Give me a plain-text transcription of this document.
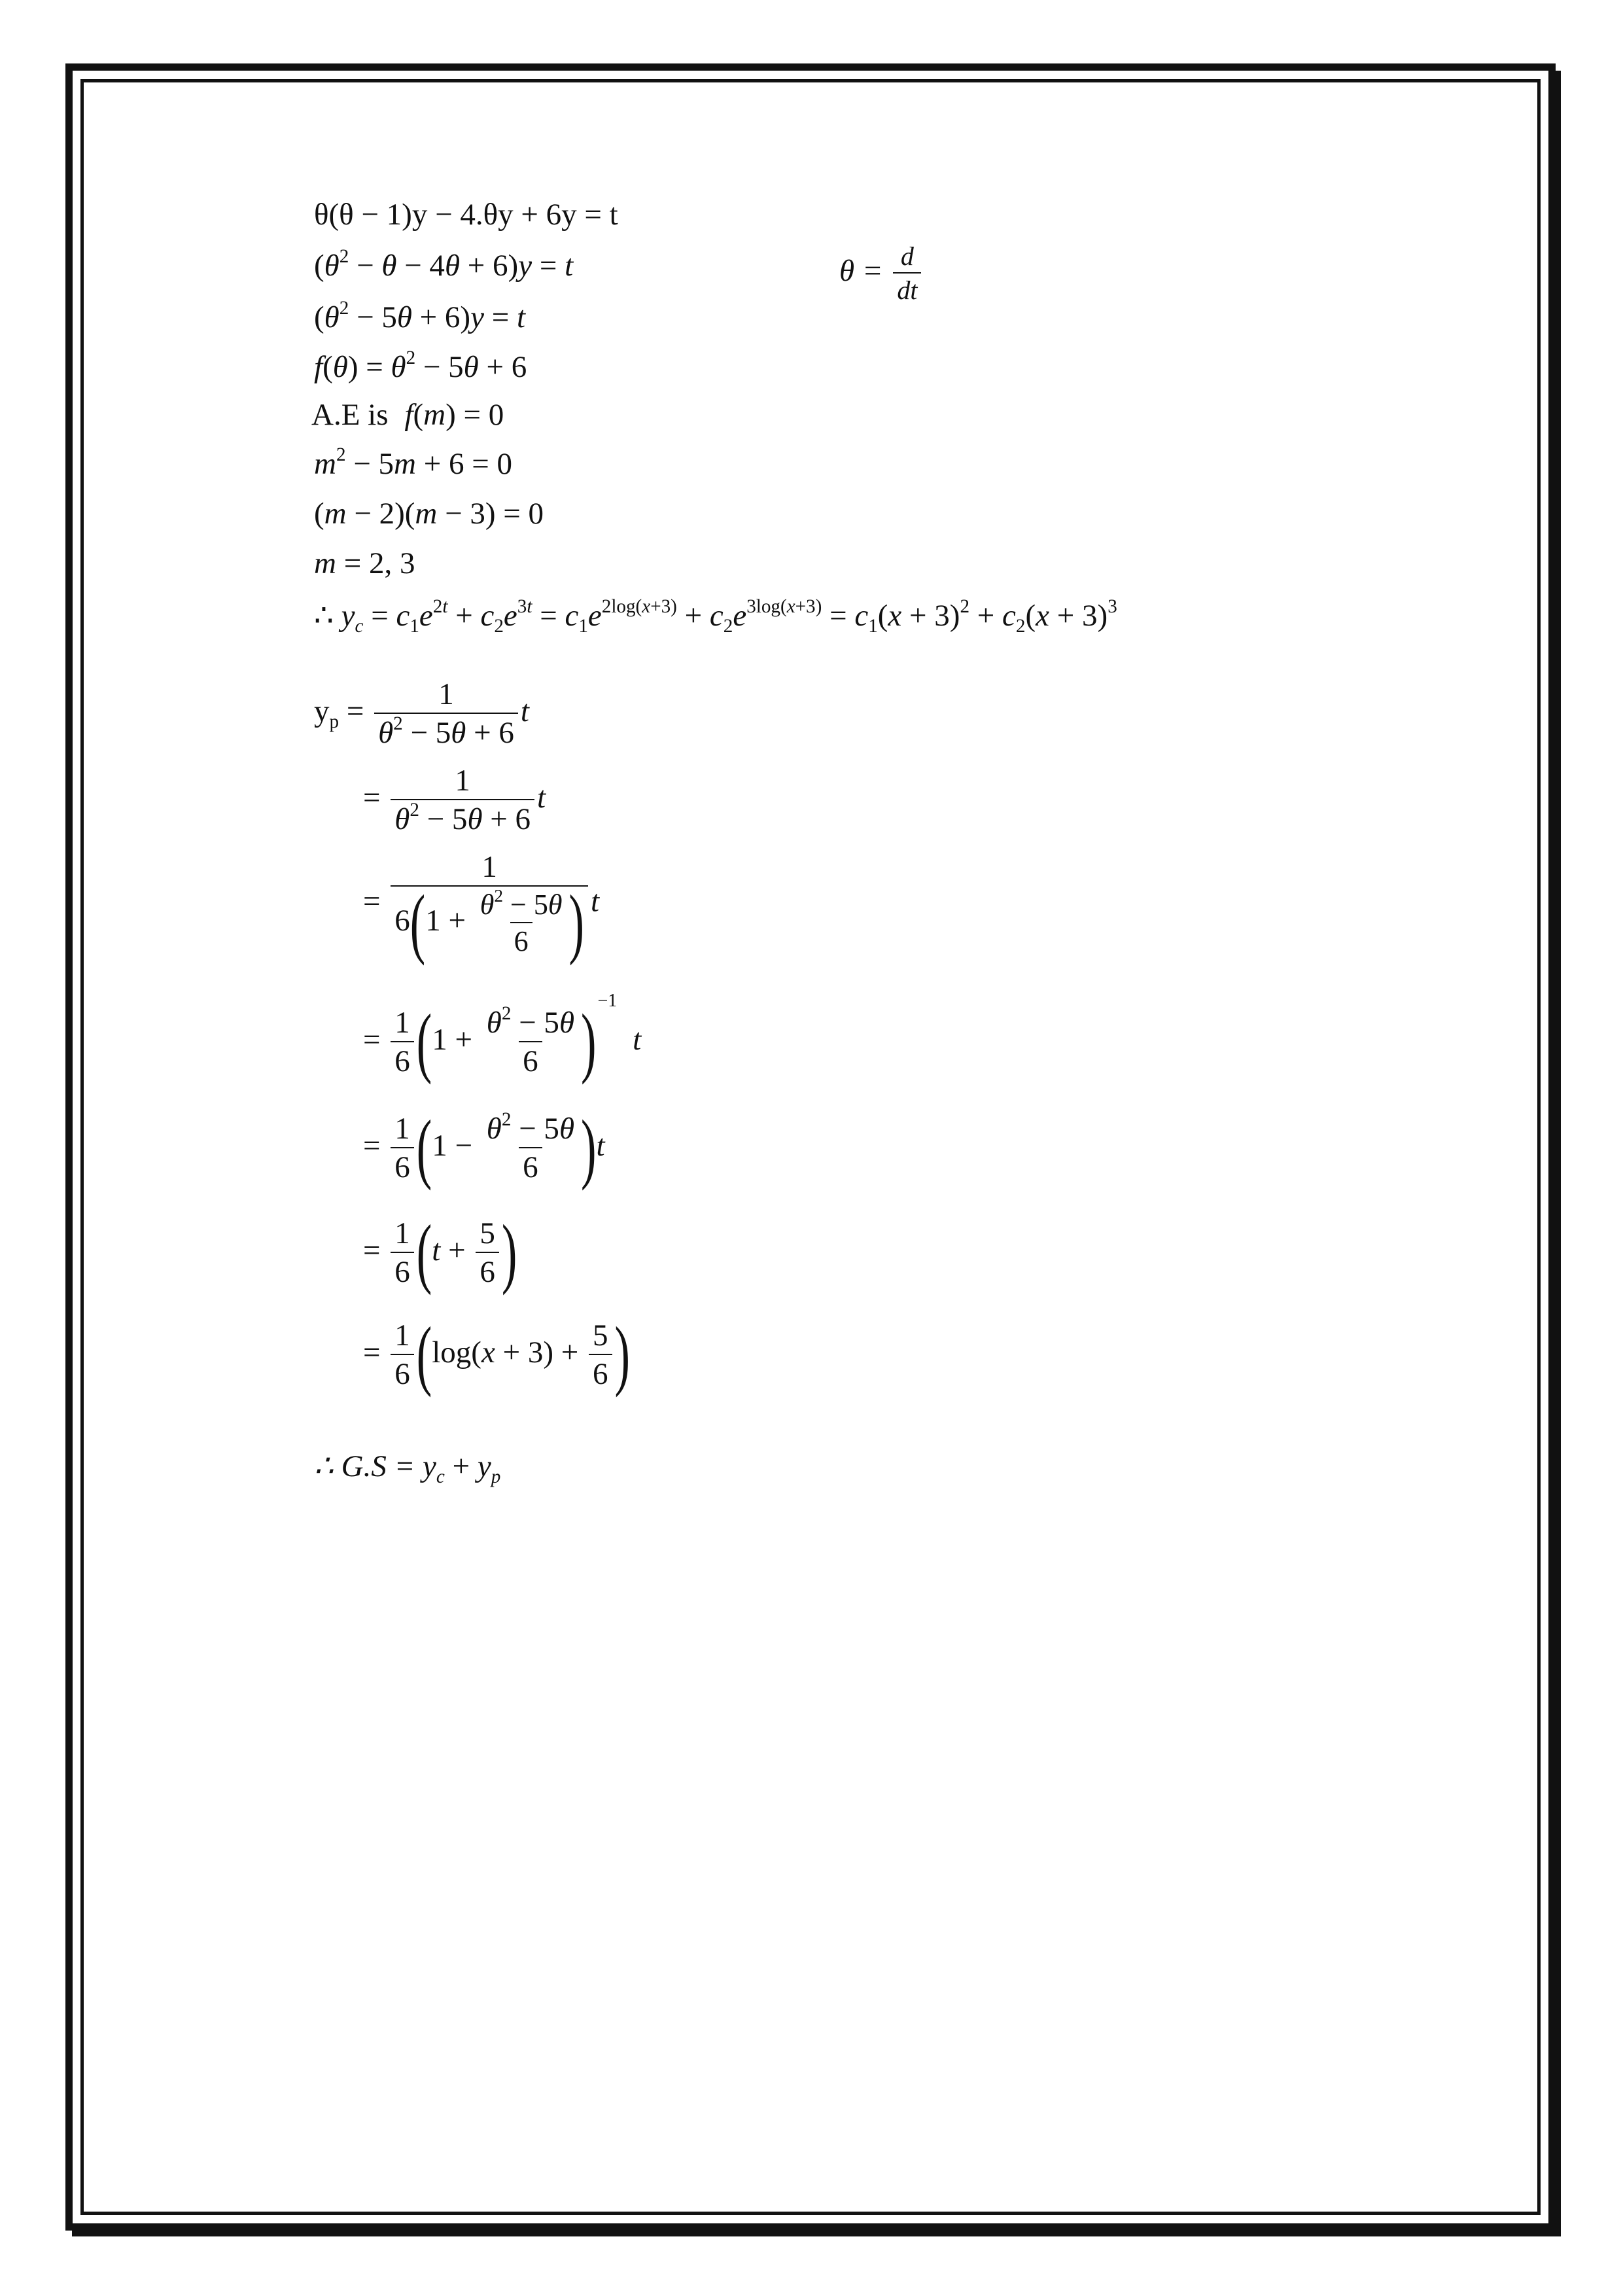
θ(θ − 1)y − 4.θy + 6y = t
$(\theta^2 - \theta - 4\theta + 6)y = t$	$\theta = \frac{d}{dt}$
$(\theta^2 - 5\theta + 6)y = t$
$f(\theta) = \theta^2 - 5\theta + 6$
A.E is f(m) = 0
$m^2 - 5m + 6 = 0$
(m − 2)(m − 3) = 0
m = 2, 3
∴ $y_c = c_1e^{2t} + c_2e^{3t} = c_1e^{2log(x+3)} + c_2e^{3log(x+3)} = c_1(x + 3)^2 + c_2(x + 3)^3$
$y_p = \frac{1}{\theta^2 - 5\theta + 6}$ t
= $\frac{1}{\theta^2 - 5\theta + 6}$ t
= $\frac{1}{6(1 + \frac{\theta^2 - 5\theta}{6} )}$ t
= $\frac{1}{6} (1 + \frac{\theta^2 - 5\theta}{6} )^{-1}$ t
= $\frac{1}{6} (1 - \frac{\theta^2 - 5\theta}{6} )t$
= $\frac{1}{6} (t + \frac{5}{6}$ )
= $\frac{1}{6} (\log(x + 3) + \frac{5}{6}$ )
∴ $G.S = y_c + y_p$
